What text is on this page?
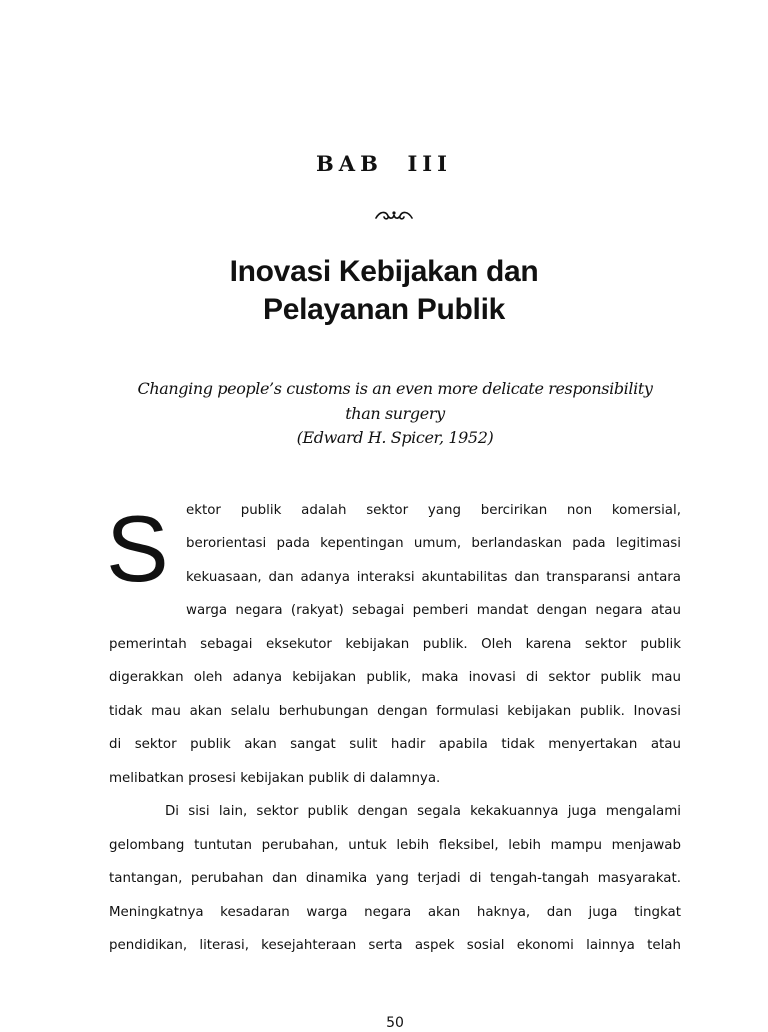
BAB  III
Inovasi Kebijakan dan
Pelayanan Publik
Changing people’s customs is an even more delicate responsibility
than surgery
(Edward H. Spicer, 1952)
S ektor publik adalah sektor yang bercirikan non komersial,
berorientasi pada kepentingan umum, berlandaskan pada legitimasi
kekuasaan, dan adanya interaksi akuntabilitas dan transparansi antara
warga negara (rakyat) sebagai pemberi mandat dengan negara atau
pemerintah sebagai eksekutor kebijakan publik. Oleh karena sektor publik
digerakkan oleh adanya kebijakan publik, maka inovasi di sektor publik mau
tidak mau akan selalu berhubungan dengan formulasi kebijakan publik. Inovasi
di sektor publik akan sangat sulit hadir apabila tidak menyertakan atau
melibatkan prosesi kebijakan publik di dalamnya.
Di sisi lain, sektor publik dengan segala kekakuannya juga mengalami
gelombang tuntutan perubahan, untuk lebih fleksibel, lebih mampu menjawab
tantangan, perubahan dan dinamika yang terjadi di tengah-tangah masyarakat.
Meningkatnya kesadaran warga negara akan haknya, dan juga tingkat
pendidikan, literasi, kesejahteraan serta aspek sosial ekonomi lainnya telah
50
